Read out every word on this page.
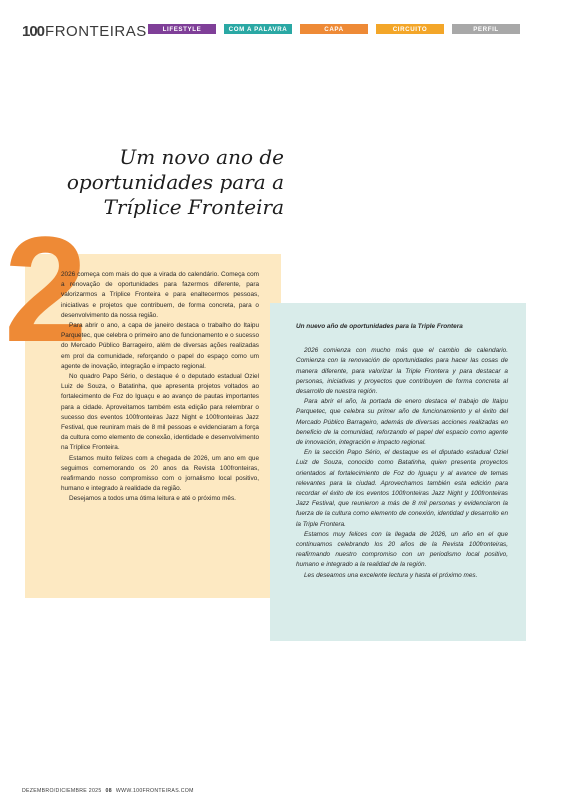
100 FRONTEIRAS	LIFESTYLE	COM A PALAVRA	CAPA	CIRCUITO	PERFIL
Um novo ano de
oportunidades para a
Tríplice Fronteira
2

2026 começa com mais do que a virada do calendário. Começa com a renovação de oportunidades para fazermos diferente, para valorizarmos a Tríplice Fronteira e para enaltecermos pessoas, iniciativas e projetos que contribuem, de forma concreta, para o desenvolvimento da nossa região.

Para abrir o ano, a capa de janeiro destaca o trabalho do Itaipu Parquetec, que celebra o primeiro ano de funcionamento e o sucesso do Mercado Público Barrageiro, além de diversas ações realizadas em prol da comunidade, reforçando o papel do espaço como um agente de inovação, integração e impacto regional.

No quadro Papo Sério, o destaque é o deputado estadual Oziel Luiz de Souza, o Batatinha, que apresenta projetos voltados ao fortalecimento de Foz do Iguaçu e ao avanço de pautas importantes para a cidade. Aproveitamos também esta edição para relembrar o sucesso dos eventos 100fronteiras Jazz Night e 100fronteiras Jazz Festival, que reuniram mais de 8 mil pessoas e evidenciaram a força da cultura como elemento de conexão, identidade e desenvolvimento na Tríplice Fronteira.

Estamos muito felizes com a chegada de 2026, um ano em que seguimos comemorando os 20 anos da Revista 100fronteiras, reafirmando nosso compromisso com o jornalismo local positivo, humano e integrado à realidade da região.

Desejamos a todos uma ótima leitura e até o próximo mês.

Un nuevo año de oportunidades para la Triple Frontera

2026 comienza con mucho más que el cambio de calendario. Comienza con la renovación de oportunidades para hacer las cosas de manera diferente, para valorizar la Triple Frontera y para destacar a personas, iniciativas y proyectos que contribuyen de forma concreta al desarrollo de nuestra región.

Para abrir el año, la portada de enero destaca el trabajo de Itaipu Parquetec, que celebra su primer año de funcionamiento y el éxito del Mercado Público Barrageiro, además de diversas acciones realizadas en beneficio de la comunidad, reforzando el papel del espacio como agente de innovación, integración e impacto regional.

En la sección Papo Sério, el destaque es el diputado estadual Oziel Luiz de Souza, conocido como Batatinha, quien presenta proyectos orientados al fortalecimiento de Foz do Iguaçu y al avance de temas relevantes para la ciudad. Aprovechamos también esta edición para recordar el éxito de los eventos 100fronteiras Jazz Night y 100fronteiras Jazz Festival, que reunieron a más de 8 mil personas y evidenciaron la fuerza de la cultura como elemento de conexión, identidad y desarrollo en la Triple Frontera.

Estamos muy felices con la llegada de 2026, un año en el que continuamos celebrando los 20 años de la Revista 100fronteiras, reafirmando nuestro compromiso con un periodismo local positivo, humano e integrado a la realidad de la región.

Les deseamos una excelente lectura y hasta el próximo mes.

DEZEMBRO/DICIEMBRE 2025 08 WWW.100FRONTEIRAS.COM
